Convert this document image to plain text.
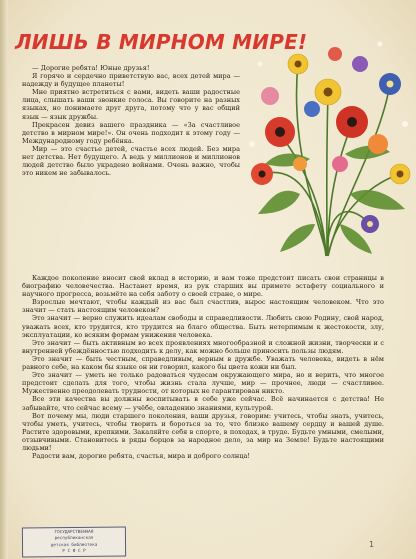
ЛИШЬ В МИРНОМ МИРЕ!

— Дорогие ребята! Юные друзья!

Я горячо и сердечно приветствую вас, всех детей мира — надежду и будущее планеты!

Мне приятно встретиться с вами, видеть ваши радостные лица, слышать ваши звонкие голоса. Вы говорите на разных языках, но понимаете друг друга, потому что у вас общий язык — язык дружбы.

Прекрасен девиз вашего праздника — «За счастливое детство в мирном мире!». Он очень подходит к этому году — Международному году ребёнка.

Мир — это счастье детей, счастье всех людей. Без мира нет детства. Нет будущего. А ведь у миллионов и миллионов людей детство было украдено войнами. Очень важно, чтобы это никем не забывалось.

Каждое поколение вносит свой вклад в историю, и вам тоже предстоит писать свои страницы в биографию человечества. Настанет время, из рук старших вы примете эстафету социального и научного прогресса, возьмёте на себя заботу о своей стране, о мире.

Взрослые мечтают, чтобы каждый из вас был счастлив, вырос настоящим человеком. Что это значит — стать настоящим человеком?

Это значит — верно служить идеалам свободы и справедливости. Любить свою Родину, свой народ, уважать всех, кто трудится, кто трудится на благо общества. Быть нетерпимым к жестокости, злу, эксплуатации, ко всяким формам унижения человека.

Это значит — быть активным во всех проявлениях многообразной и сложной жизни, творчески и с внутренней убеждённостью подходить к делу, как можно больше приносить пользы людям.

Это значит — быть честным, справедливым, верным в дружбе. Уважать человека, видеть в нём равного себе, на каком бы языке он ни говорил, какого бы цвета кожи ни был.

Это значит — уметь не только радоваться чудесам окружающего мира, но и верить, что многое предстоит сделать для того, чтобы жизнь стала лучше, мир — прочнее, люди — счастливее. Мужественно преодолевать трудности, от которых не гарантирован никто.

Все эти качества вы должны воспитывать в себе уже сейчас. Всё начинается с детства! Не забывайте, что сейчас всему — учёбе, овладению знаниями, культурой.

Вот почему мы, люди старшего поколения, ваши друзья, говорим: учитесь, чтобы знать, учитесь, чтобы уметь, учитесь, чтобы творить и бороться за то, что близко вашему сердцу и вашей душе. Растите здоровыми, крепкими. Закаляйте себя в спорте, в походах, в труде. Будьте умными, смелыми, отзывчивыми. Становитесь в ряды борцов за народное дело, за мир на Земле! Будьте настоящими людьми!

Радости вам, дорогие ребята, счастья, мира и доброго солнца!

ГОСУДАРСТВЕННАЯ
республиканская
детская библиотека
Р С Ф С Р
1
